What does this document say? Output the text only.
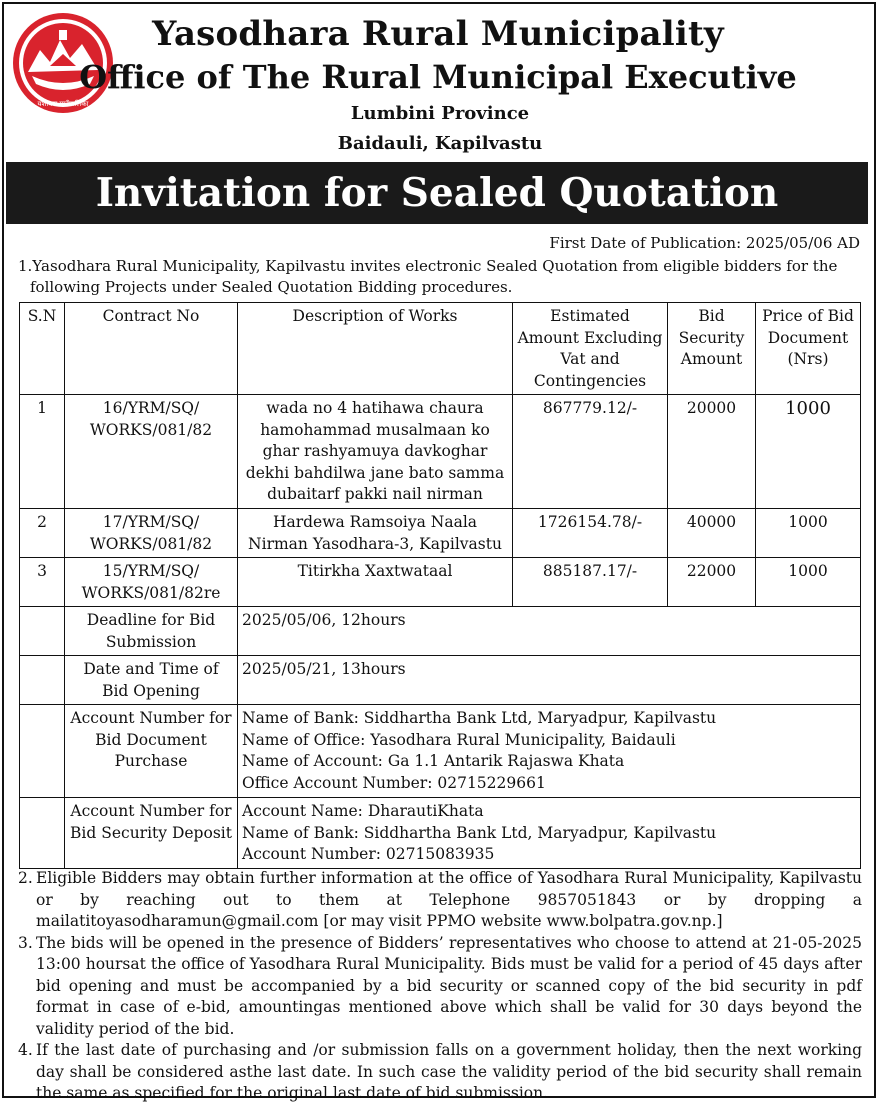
यशोधरा गाउँपालिका
Yasodhara Rural Municipality
Office of The Rural Municipal Executive
Lumbini Province
Baidauli, Kapilvastu
Invitation for Sealed Quotation
First Date of Publication: 2025/05/06 AD
1.Yasodhara Rural Municipality, Kapilvastu invites electronic Sealed Quotation from eligible bidders for the
following Projects under Sealed Quotation Bidding procedures.
S.N	Contract No	Description of Works	Estimated Amount Excluding Vat and Contingencies	Bid Security Amount	Price of Bid Document (Nrs)
1	16/YRM/SQ/ WORKS/081/82	wada no 4 hatihawa chaura hamohammad musalmaan ko ghar rashyamuya davkoghar dekhi bahdilwa jane bato samma dubaitarf pakki nail nirman	867779.12/-	20000	1000
2	17/YRM/SQ/ WORKS/081/82	Hardewa Ramsoiya Naala Nirman Yasodhara-3, Kapilvastu	1726154.78/-	40000	1000
3	15/YRM/SQ/ WORKS/081/82re	Titirkha Xaxtwataal	885187.17/-	22000	1000
	Deadline for Bid Submission	2025/05/06, 12hours			
	Date and Time of Bid Opening	2025/05/21, 13hours			
	Account Number for Bid Document Purchase	Name of Bank: Siddhartha Bank Ltd, Maryadpur, Kapilvastu
Name of Office: Yasodhara Rural Municipality, Baidauli
Name of Account: Ga 1.1 Antarik Rajaswa Khata
Office Account Number: 02715229661			

	Account Number for Bid Security Deposit	Account Name: DharautiKhata
Name of Bank: Siddhartha Bank Ltd, Maryadpur, Kapilvastu
Account Number: 02715083935			
2. Eligible Bidders may obtain further information at the office of Yasodhara Rural Municipality, Kapilvastu or by reaching out to them at Telephone 9857051843 or by dropping a mailatitoyasodharamun@gmail.com [or may visit PPMO website www.bolpatra.gov.np.]
3. The bids will be opened in the presence of Bidders’ representatives who choose to attend at 21-05-2025 13:00 hoursat the office of Yasodhara Rural Municipality. Bids must be valid for a period of 45 days after bid opening and must be accompanied by a bid security or scanned copy of the bid security in pdf format in case of e-bid, amountingas mentioned above which shall be valid for 30 days beyond the validity period of the bid.
4. If the last date of purchasing and /or submission falls on a government holiday, then the next working day shall be considered asthe last date. In such case the validity period of the bid security shall remain the same as specified for the original last date of bid submission.
